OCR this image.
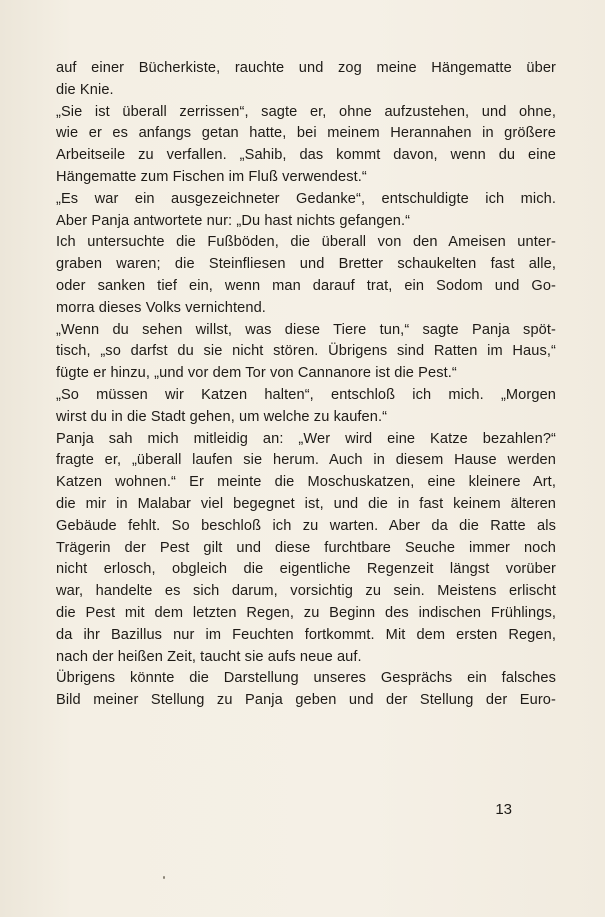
auf einer Bücherkiste, rauchte und zog meine Hängematte über
die Knie.
„Sie ist überall zerrissen“, sagte er, ohne aufzustehen, und ohne,
wie er es anfangs getan hatte, bei meinem Herannahen in größere
Arbeitseile zu verfallen. „Sahib, das kommt davon, wenn du eine
Hängematte zum Fischen im Fluß verwendest.“
„Es war ein ausgezeichneter Gedanke“, entschuldigte ich mich.
Aber Panja antwortete nur: „Du hast nichts gefangen.“
Ich untersuchte die Fußböden, die überall von den Ameisen unter-
graben waren; die Steinfliesen und Bretter schaukelten fast alle,
oder sanken tief ein, wenn man darauf trat, ein Sodom und Go-
morra dieses Volks vernichtend.
„Wenn du sehen willst, was diese Tiere tun,“ sagte Panja spöt-
tisch, „so darfst du sie nicht stören. Übrigens sind Ratten im Haus,“
fügte er hinzu, „und vor dem Tor von Cannanore ist die Pest.“
„So müssen wir Katzen halten“, entschloß ich mich. „Morgen
wirst du in die Stadt gehen, um welche zu kaufen.“
Panja sah mich mitleidig an: „Wer wird eine Katze bezahlen?“
fragte er, „überall laufen sie herum. Auch in diesem Hause werden
Katzen wohnen.“ Er meinte die Moschuskatzen, eine kleinere Art,
die mir in Malabar viel begegnet ist, und die in fast keinem älteren
Gebäude fehlt. So beschloß ich zu warten. Aber da die Ratte als
Trägerin der Pest gilt und diese furchtbare Seuche immer noch
nicht erlosch, obgleich die eigentliche Regenzeit längst vorüber
war, handelte es sich darum, vorsichtig zu sein. Meistens erlischt
die Pest mit dem letzten Regen, zu Beginn des indischen Frühlings,
da ihr Bazillus nur im Feuchten fortkommt. Mit dem ersten Regen,
nach der heißen Zeit, taucht sie aufs neue auf.
Übrigens könnte die Darstellung unseres Gesprächs ein falsches
Bild meiner Stellung zu Panja geben und der Stellung der Euro-
13
